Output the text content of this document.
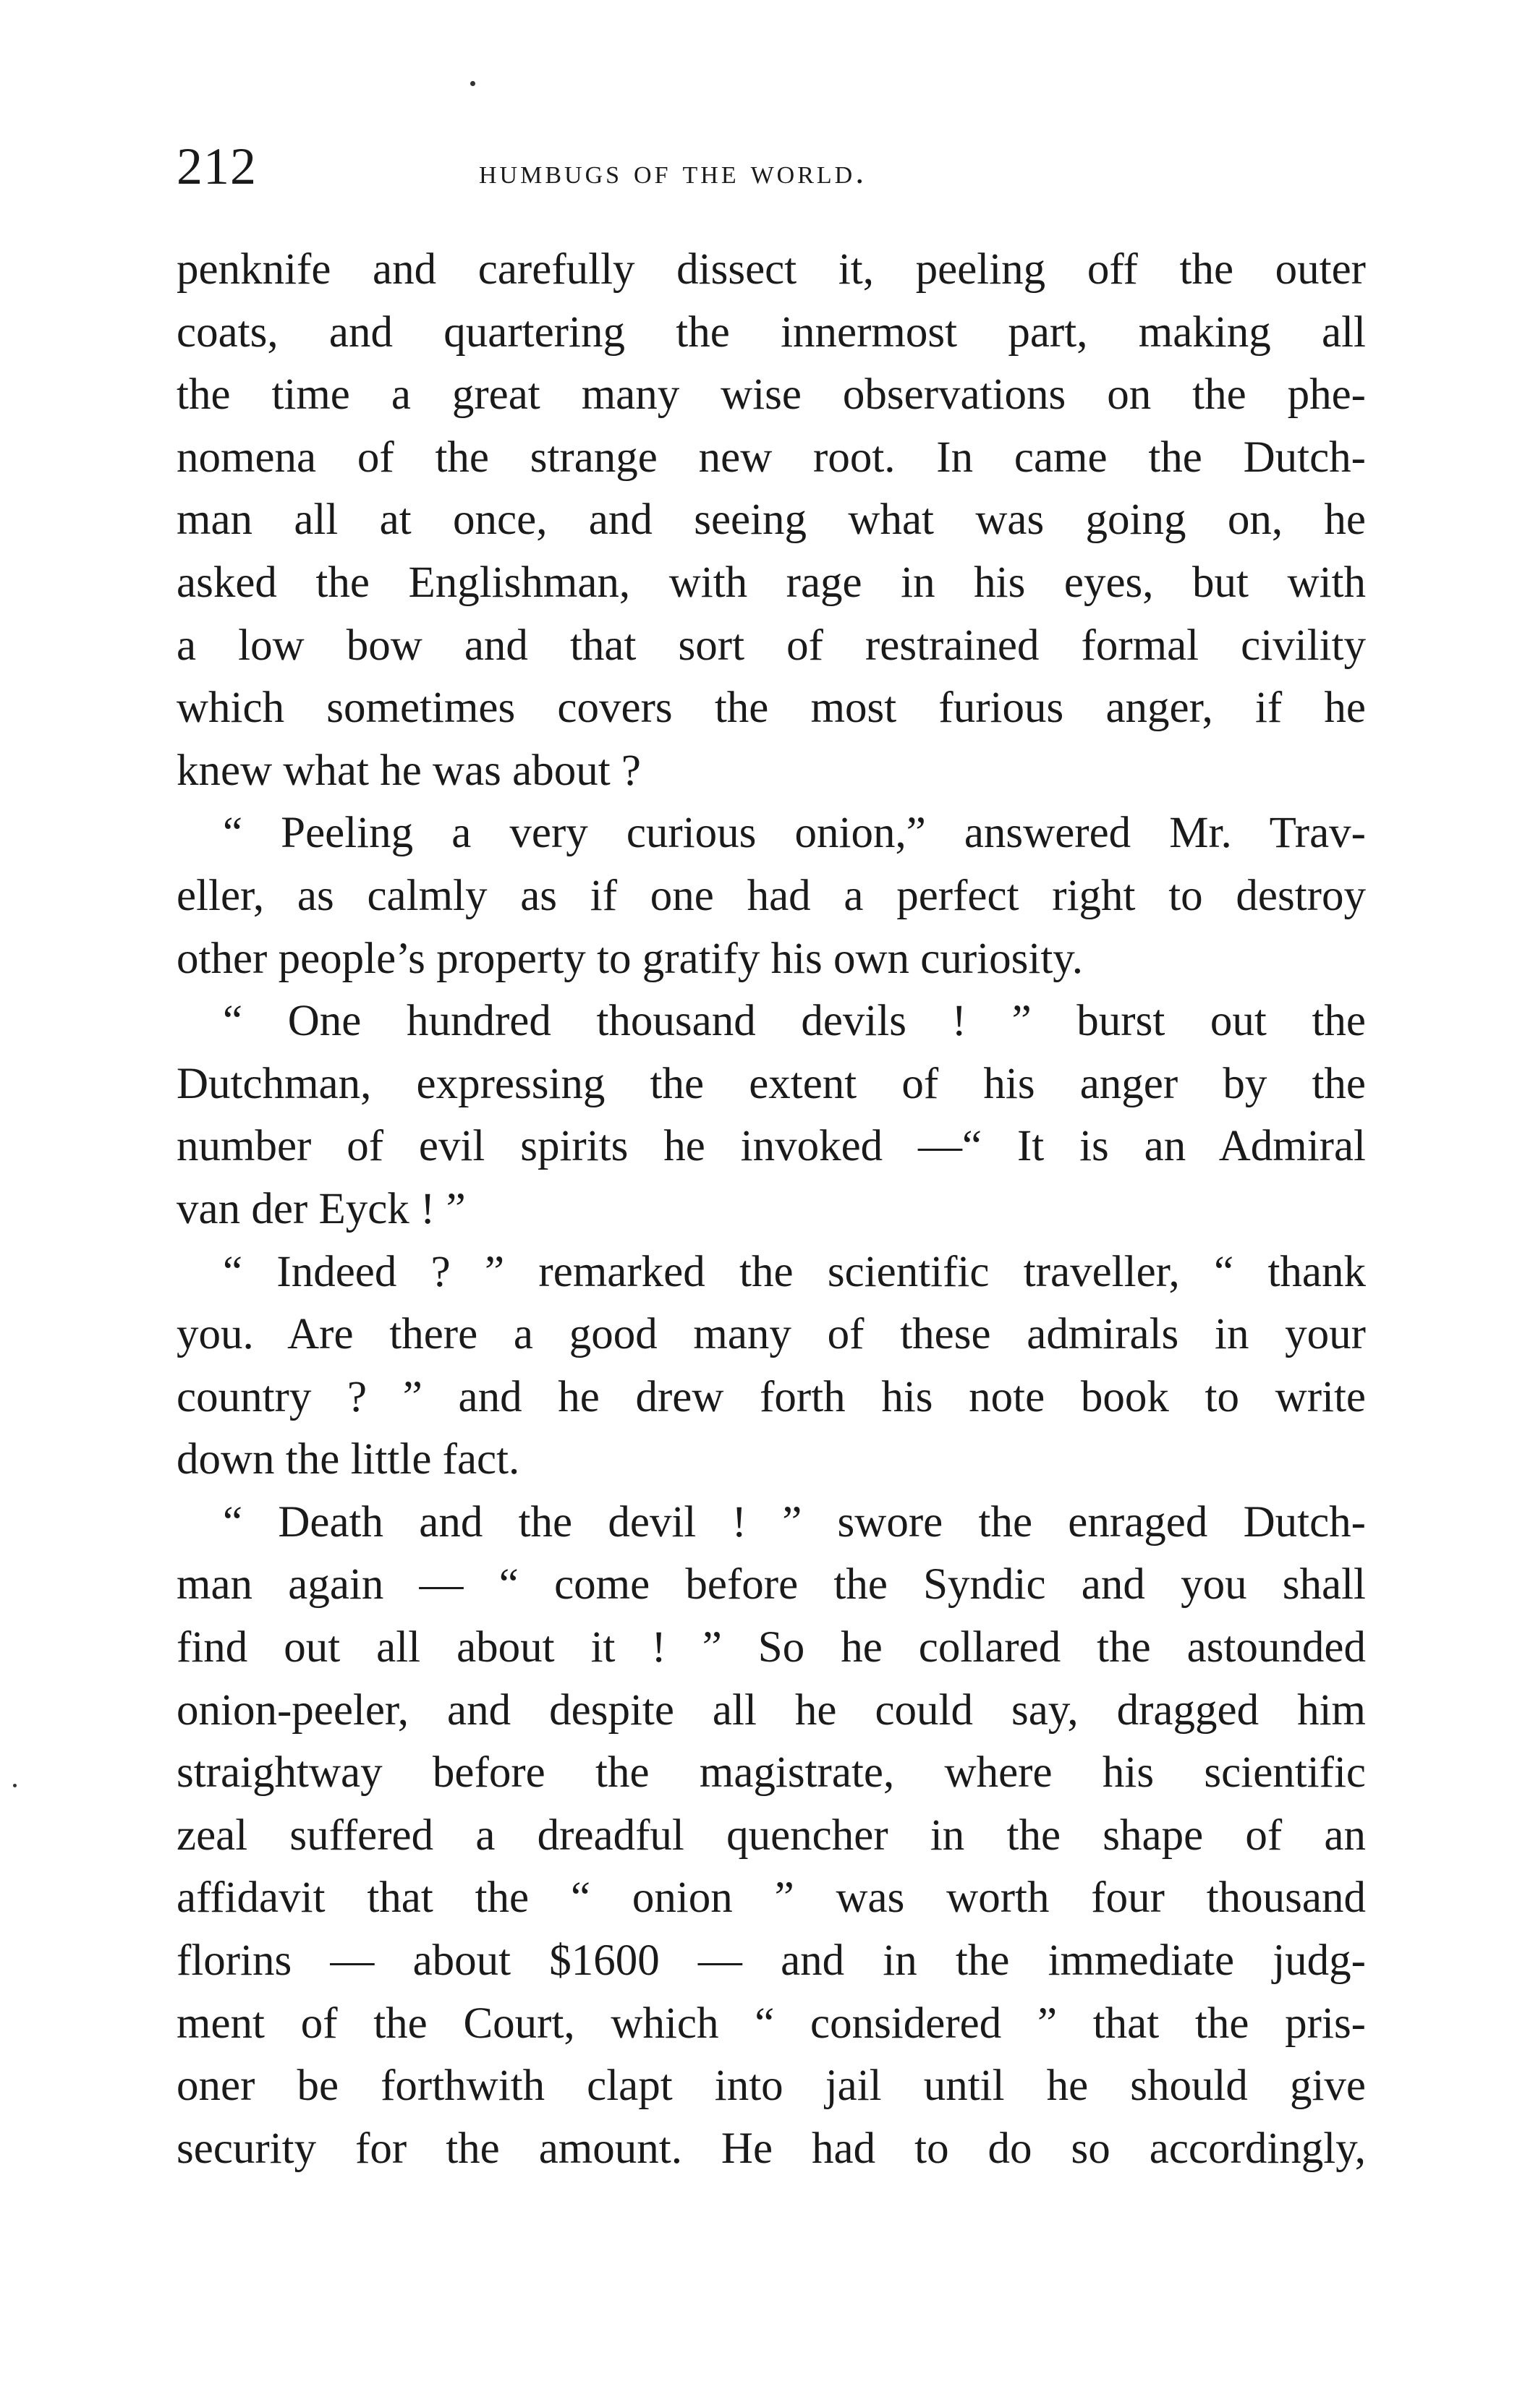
212	humbugs of the world.
penknife and carefully dissect it, peeling off the outer
coats, and quartering the innermost part, making all
the time a great many wise observations on the phe-
nomena of the strange new root. In came the Dutch-
man all at once, and seeing what was going on, he
asked the Englishman, with rage in his eyes, but with
a low bow and that sort of restrained formal civility
which sometimes covers the most furious anger, if he
knew what he was about ?
“ Peeling a very curious onion,” answered Mr. Trav-
eller, as calmly as if one had a perfect right to destroy
other people’s property to gratify his own curiosity.
“ One hundred thousand devils ! ” burst out the
Dutchman, expressing the extent of his anger by the
number of evil spirits he invoked —“ It is an Admiral
van der Eyck ! ”
“ Indeed ? ” remarked the scientific traveller, “ thank
you. Are there a good many of these admirals in your
country ? ” and he drew forth his note book to write
down the little fact.
“ Death and the devil ! ” swore the enraged Dutch-
man again — “ come before the Syndic and you shall
find out all about it ! ” So he collared the astounded
onion-peeler, and despite all he could say, dragged him
straightway before the magistrate, where his scientific
zeal suffered a dreadful quencher in the shape of an
affidavit that the “ onion ” was worth four thousand
florins — about $1600 — and in the immediate judg-
ment of the Court, which “ considered ” that the pris-
oner be forthwith clapt into jail until he should give
security for the amount. He had to do so accordingly,
